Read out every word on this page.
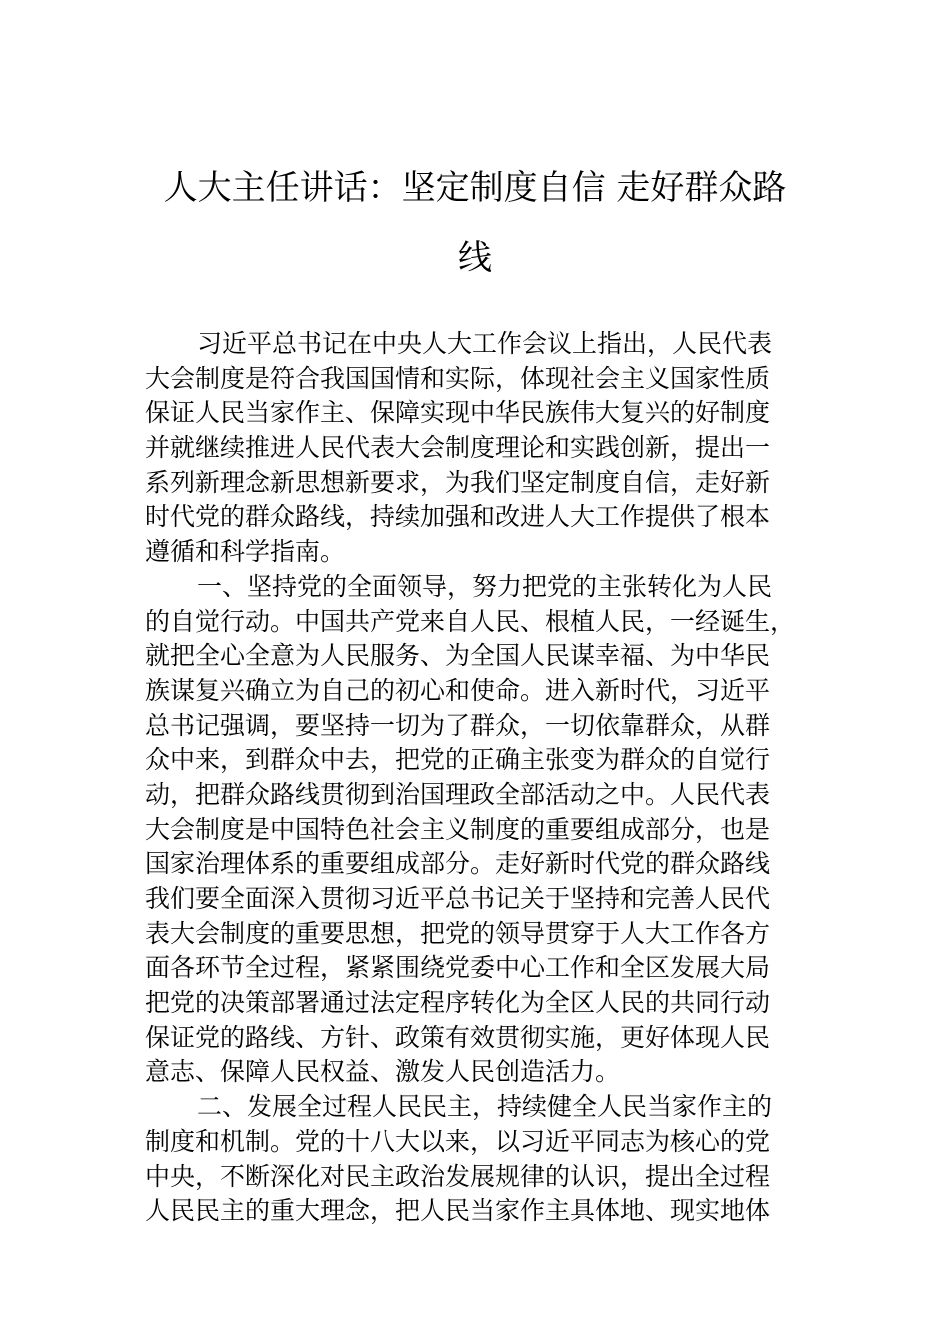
人大主任讲话：坚定制度自信 走好群众路
线
习近平总书记在中央人大工作会议上指出，人民代表
大会制度是符合我国国情和实际，体现社会主义国家性质
保证人民当家作主、保障实现中华民族伟大复兴的好制度
并就继续推进人民代表大会制度理论和实践创新，提出一
系列新理念新思想新要求，为我们坚定制度自信，走好新
时代党的群众路线，持续加强和改进人大工作提供了根本
遵循和科学指南。
一、坚持党的全面领导，努力把党的主张转化为人民
的自觉行动。中国共产党来自人民、根植人民，一经诞生，
就把全心全意为人民服务、为全国人民谋幸福、为中华民
族谋复兴确立为自己的初心和使命。进入新时代，习近平
总书记强调，要坚持一切为了群众，一切依靠群众，从群
众中来，到群众中去，把党的正确主张变为群众的自觉行
动，把群众路线贯彻到治国理政全部活动之中。人民代表
大会制度是中国特色社会主义制度的重要组成部分，也是
国家治理体系的重要组成部分。走好新时代党的群众路线
我们要全面深入贯彻习近平总书记关于坚持和完善人民代
表大会制度的重要思想，把党的领导贯穿于人大工作各方
面各环节全过程，紧紧围绕党委中心工作和全区发展大局
把党的决策部署通过法定程序转化为全区人民的共同行动
保证党的路线、方针、政策有效贯彻实施，更好体现人民
意志、保障人民权益、激发人民创造活力。
二、发展全过程人民民主，持续健全人民当家作主的
制度和机制。党的十八大以来，以习近平同志为核心的党
中央，不断深化对民主政治发展规律的认识，提出全过程
人民民主的重大理念，把人民当家作主具体地、现实地体
